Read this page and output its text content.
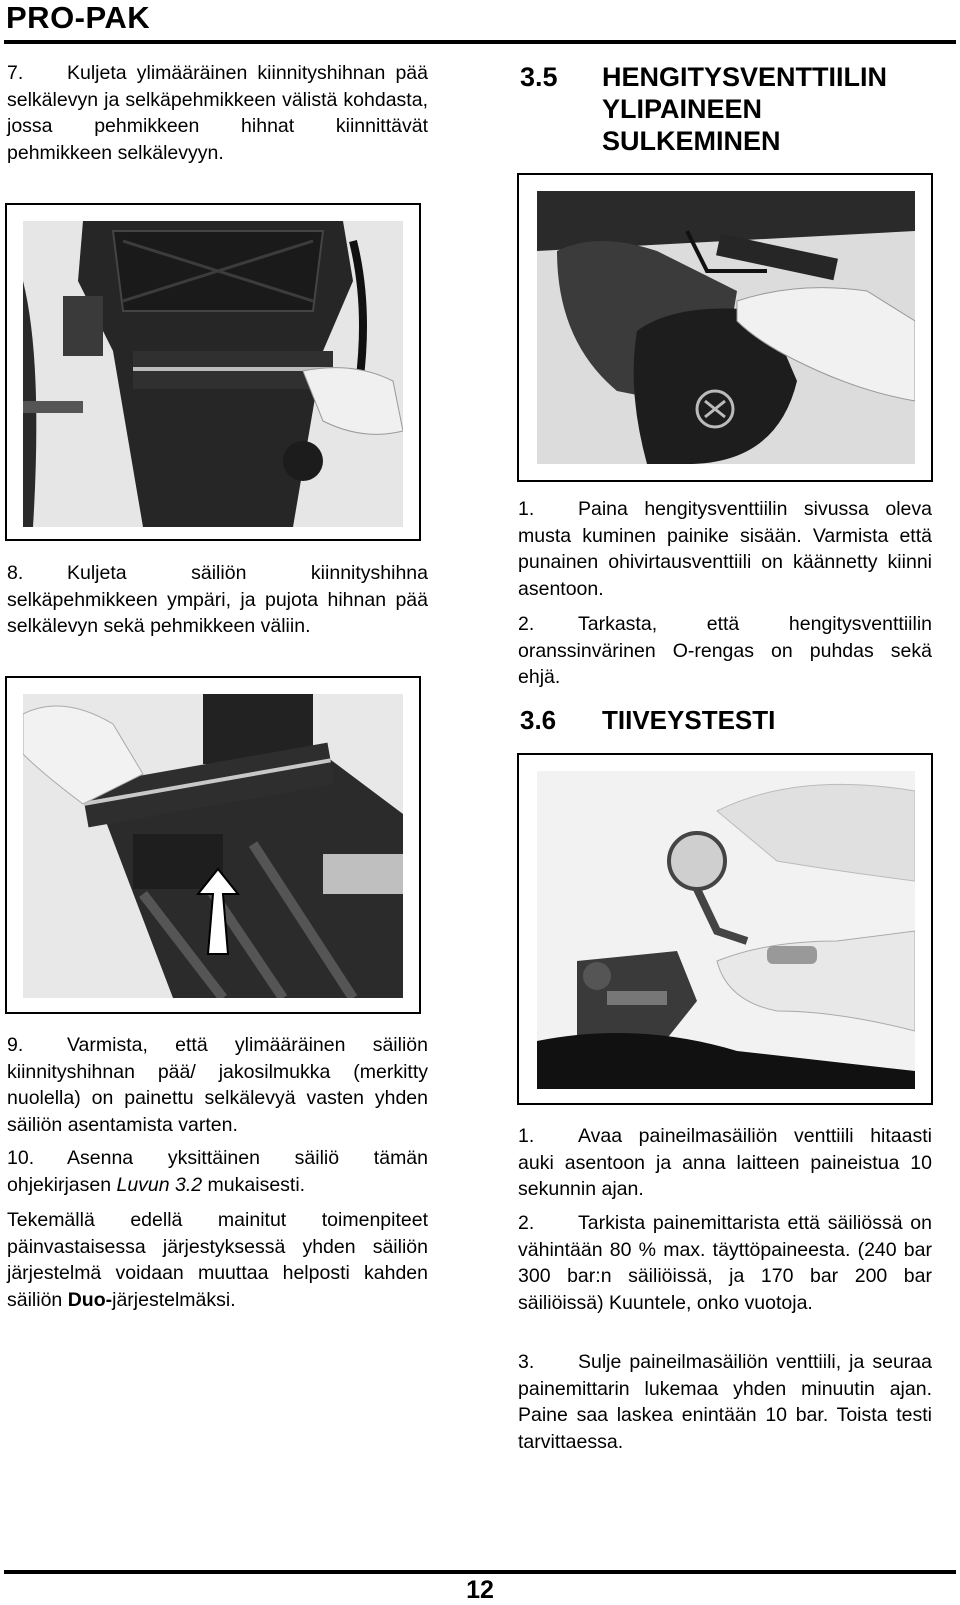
PRO-PAK

7. Kuljeta ylimääräinen kiinnityshihnan pää selkälevyn ja selkäpehmikkeen välistä kohdasta, jossa pehmikkeen hihnat kiinnittävät pehmikkeen selkälevyyn.

8. Kuljeta säiliön kiinnityshihna selkäpehmikkeen ympäri, ja pujota hihnan pää selkälevyn sekä pehmikkeen väliin.

9. Varmista, että ylimääräinen säiliön kiinnityshihnan pää/ jakosilmukka (merkitty nuolella) on painettu selkälevyä vasten yhden säiliön asentamista varten.

10. Asenna yksittäinen säiliö tämän ohjekirjasen Luvun 3.2 mukaisesti.

Tekemällä edellä mainitut toimenpiteet päinvastaisessa järjestyksessä yhden säiliön järjestelmä voidaan muuttaa helposti kahden säiliön Duo-järjestelmäksi.

3.5 HENGITYSVENTTIILIN
YLIPAINEEN
SULKEMINEN

1. Paina hengitysventtiilin sivussa oleva musta kuminen painike sisään. Varmista että punainen ohivirtausventtiili on käännetty kiinni asentoon.

2. Tarkasta, että hengitysventtiilin oranssinvärinen O-rengas on puhdas sekä ehjä.

3.6 TIIVEYSTESTI

1. Avaa paineilmasäiliön venttiili hitaasti auki asentoon ja anna laitteen paineistua 10 sekunnin ajan.

2. Tarkista painemittarista että säiliössä on vähintään 80 % max. täyttöpaineesta. (240 bar 300 bar:n säiliöissä, ja 170 bar 200 bar säiliöissä) Kuuntele, onko vuotoja.

3. Sulje paineilmasäiliön venttiili, ja seuraa painemittarin lukemaa yhden minuutin ajan. Paine saa laskea enintään 10 bar. Toista testi tarvittaessa.

12
